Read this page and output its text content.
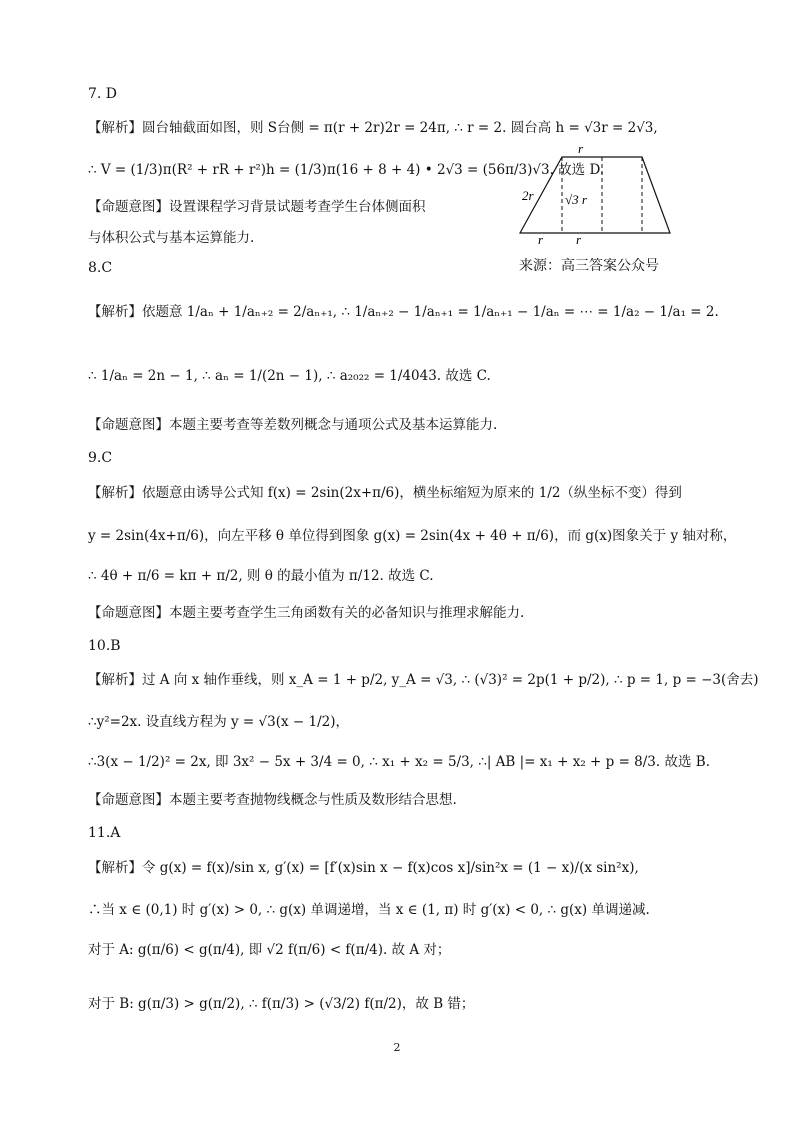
7. D
【解析】圆台轴截面如图，则 S台侧 = π(r + 2r)2r = 24π, ∴ r = 2. 圆台高 h = √3r = 2√3,
∴ V = (1/3)π(R² + rR + r²)h = (1/3)π(16 + 8 + 4) • 2√3 = (56π/3)√3. 故选 D.
【命题意图】设置课程学习背景试题考查学生台体侧面积
与体积公式与基本运算能力.
8.C
【解析】依题意 1/aₙ + 1/aₙ₊₂ = 2/aₙ₊₁, ∴ 1/aₙ₊₂ − 1/aₙ₊₁ = 1/aₙ₊₁ − 1/aₙ = ⋯ = 1/a₂ − 1/a₁ = 2.
∴ 1/aₙ = 2n − 1, ∴ aₙ = 1/(2n − 1), ∴ a₂₀₂₂ = 1/4043. 故选 C.
【命题意图】本题主要考查等差数列概念与通项公式及基本运算能力.
9.C
【解析】依题意由诱导公式知 f(x) = 2sin(2x+π/6)，横坐标缩短为原来的 1/2（纵坐标不变）得到
y = 2sin(4x+π/6)，向左平移 θ 单位得到图象 g(x) = 2sin(4x + 4θ + π/6)，而 g(x)图象关于 y 轴对称，
∴ 4θ + π/6 = kπ + π/2, 则 θ 的最小值为 π/12. 故选 C.
【命题意图】本题主要考查学生三角函数有关的必备知识与推理求解能力.
10.B
【解析】过 A 向 x 轴作垂线，则 x_A = 1 + p/2, y_A = √3, ∴ (√3)² = 2p(1 + p/2), ∴ p = 1, p = −3(舍去)
∴y²=2x. 设直线方程为 y = √3(x − 1/2)，
∴3(x − 1/2)² = 2x, 即 3x² − 5x + 3/4 = 0, ∴ x₁ + x₂ = 5/3, ∴| AB |= x₁ + x₂ + p = 8/3. 故选 B.
【命题意图】本题主要考查抛物线概念与性质及数形结合思想.
11.A
【解析】令 g(x) = f(x)/sin x, g′(x) = [f′(x)sin x − f(x)cos x]/sin²x = (1 − x)/(x sin²x),
∴当 x ∈ (0,1) 时 g′(x) > 0, ∴ g(x) 单调递增，当 x ∈ (1, π) 时 g′(x) < 0, ∴ g(x) 单调递减.
对于 A: g(π/6) < g(π/4), 即 √2 f(π/6) < f(π/4). 故 A 对；
对于 B: g(π/3) > g(π/2), ∴ f(π/3) > (√3/2) f(π/2)，故 B 错；
r
2r √3 r
r	r
来源：高三答案公众号
2
